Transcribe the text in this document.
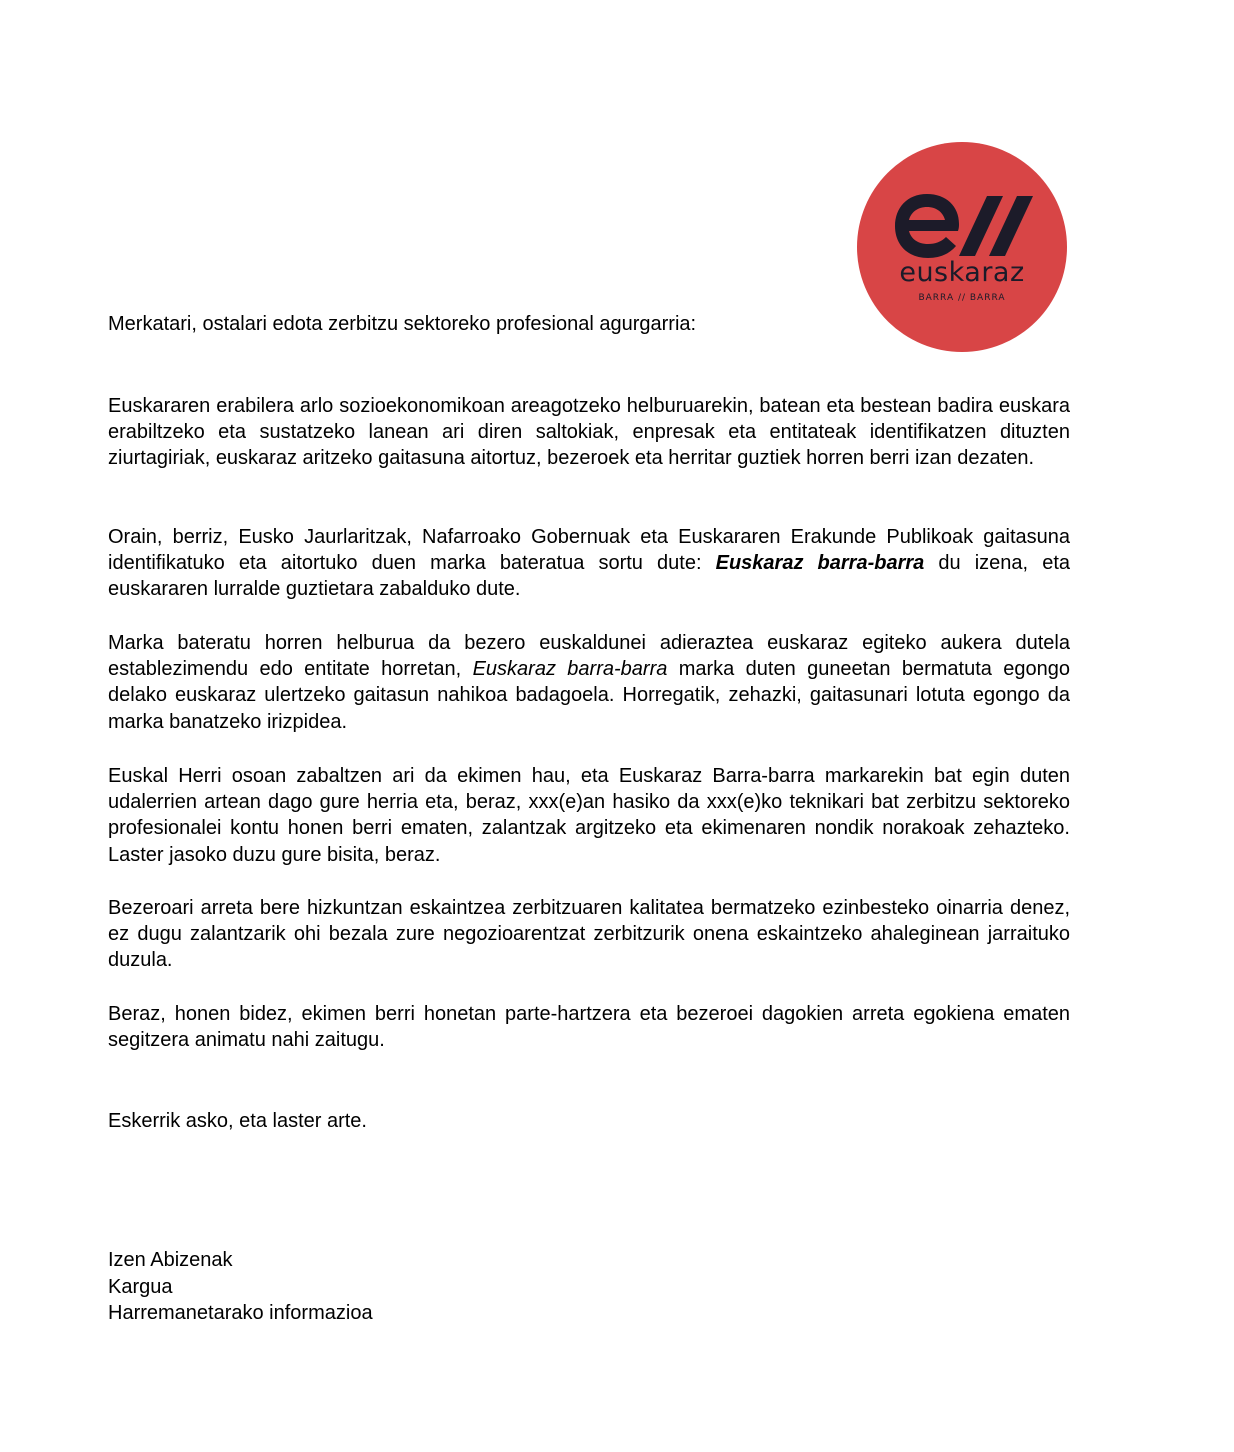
euskaraz
BARRA // BARRA
Merkatari, ostalari edota zerbitzu sektoreko profesional agurgarria:
Euskararen erabilera arlo sozioekonomikoan areagotzeko helburuarekin, batean eta bestean badira euskara erabiltzeko eta sustatzeko lanean ari diren saltokiak, enpresak eta entitateak identifikatzen dituzten ziurtagiriak, euskaraz aritzeko gaitasuna aitortuz, bezeroek eta herritar guztiek horren berri izan dezaten.
Orain, berriz, Eusko Jaurlaritzak, Nafarroako Gobernuak eta Euskararen Erakunde Publikoak gaitasuna identifikatuko eta aitortuko duen marka bateratua sortu dute: Euskaraz barra-barra du izena, eta euskararen lurralde guztietara zabalduko dute.
Marka bateratu horren helburua da bezero euskaldunei adieraztea euskaraz egiteko aukera dutela establezimendu edo entitate horretan, Euskaraz barra-barra marka duten guneetan bermatuta egongo delako euskaraz ulertzeko gaitasun nahikoa badagoela. Horregatik, zehazki, gaitasunari lotuta egongo da marka banatzeko irizpidea.
Euskal Herri osoan zabaltzen ari da ekimen hau, eta Euskaraz Barra-barra markarekin bat egin duten udalerrien artean dago gure herria eta, beraz, xxx(e)an hasiko da xxx(e)ko teknikari bat zerbitzu sektoreko profesionalei kontu honen berri ematen, zalantzak argitzeko eta ekimenaren nondik norakoak zehazteko. Laster jasoko duzu gure bisita, beraz.
Bezeroari arreta bere hizkuntzan eskaintzea zerbitzuaren kalitatea bermatzeko ezinbesteko oinarria denez, ez dugu zalantzarik ohi bezala zure negozioarentzat zerbitzurik onena eskaintzeko ahaleginean jarraituko duzula.
Beraz, honen bidez, ekimen berri honetan parte-hartzera eta bezeroei dagokien arreta egokiena ematen segitzera animatu nahi zaitugu.
Eskerrik asko, eta laster arte.
Izen Abizenak
Kargua
Harremanetarako informazioa
